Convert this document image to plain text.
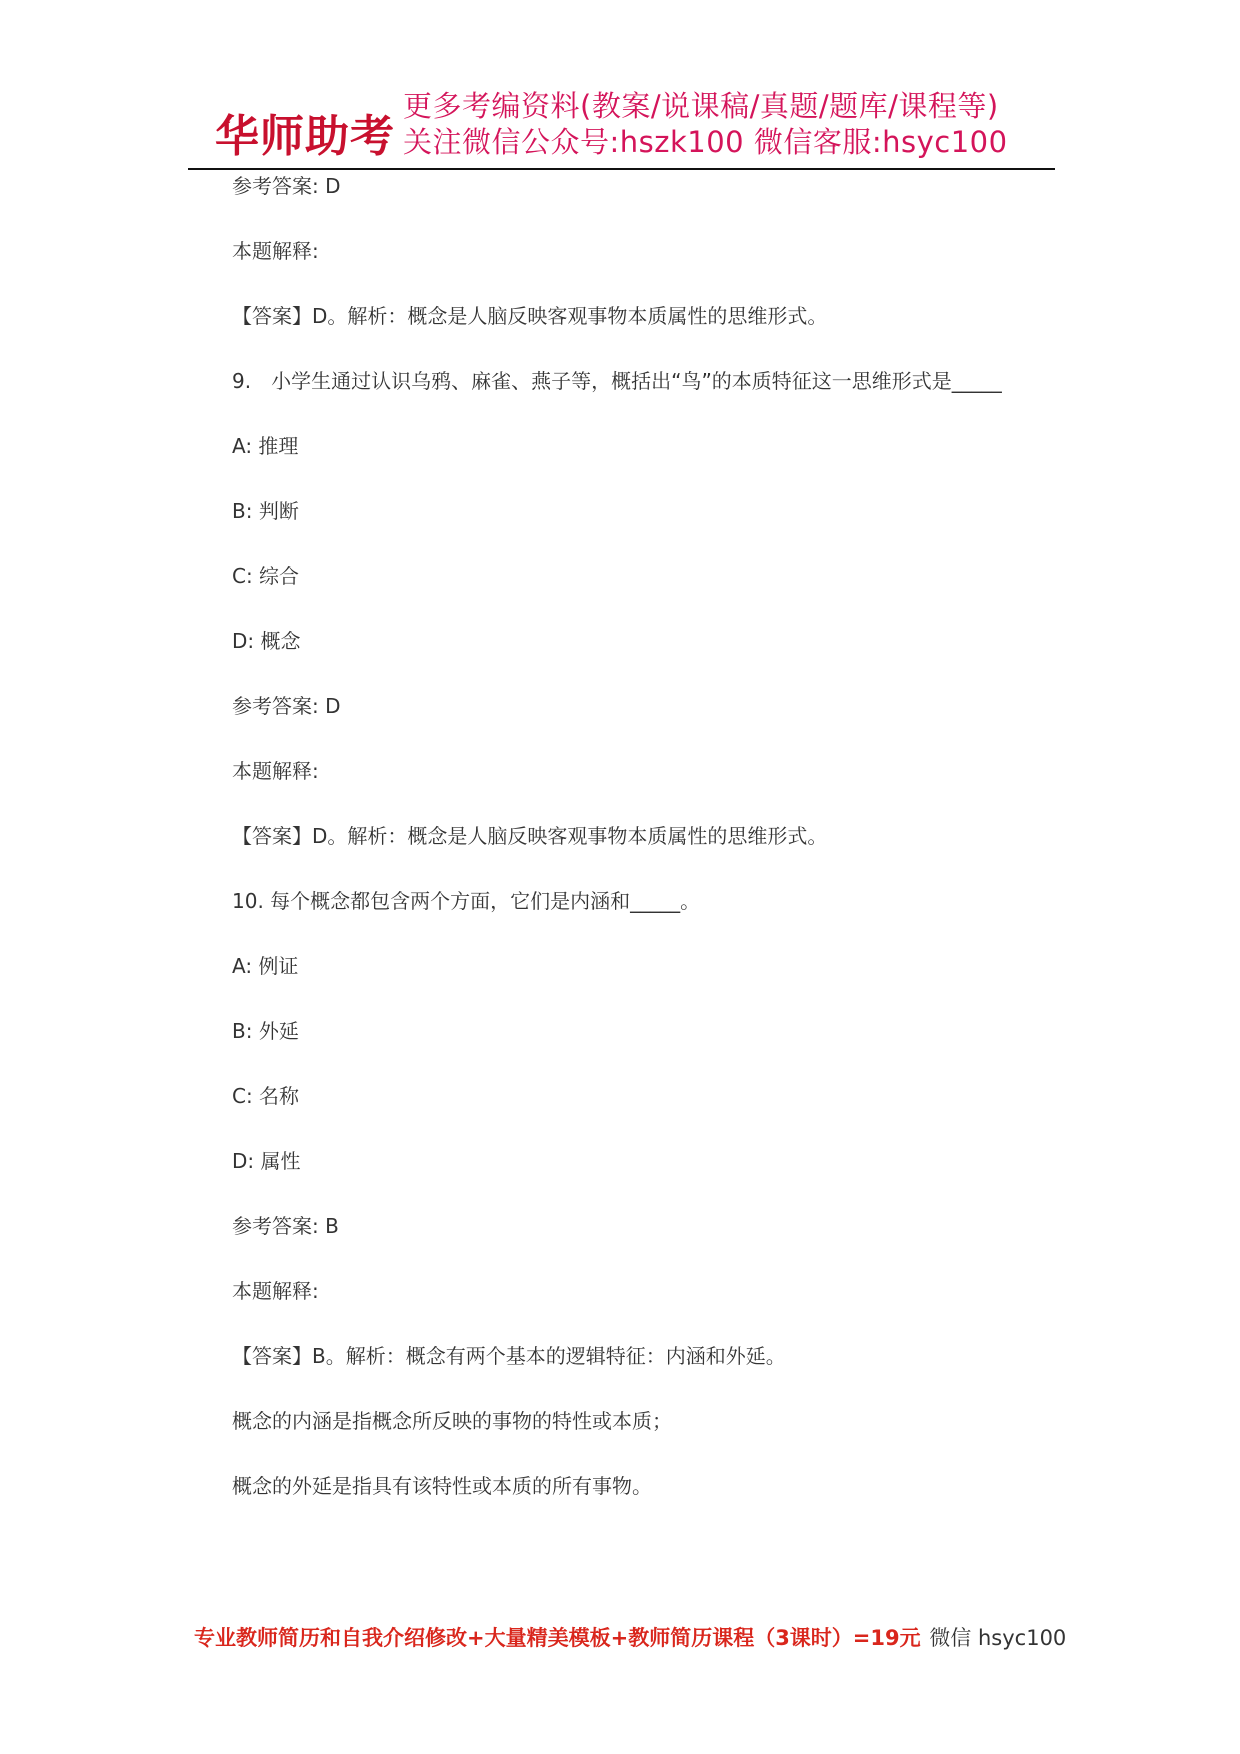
华师助考
更多考编资料(教案/说课稿/真题/题库/课程等)
关注微信公众号:hszk100 微信客服:hsyc100
参考答案: D
本题解释:
【答案】D。解析：概念是人脑反映客观事物本质属性的思维形式。
9.　小学生通过认识乌鸦、麻雀、燕子等，概括出“鸟”的本质特征这一思维形式是_____
A: 推理
B: 判断
C: 综合
D: 概念
参考答案: D
本题解释:
【答案】D。解析：概念是人脑反映客观事物本质属性的思维形式。
10. 每个概念都包含两个方面，它们是内涵和_____。
A: 例证
B: 外延
C: 名称
D: 属性
参考答案: B
本题解释:
【答案】B。解析：概念有两个基本的逻辑特征：内涵和外延。
概念的内涵是指概念所反映的事物的特性或本质；
概念的外延是指具有该特性或本质的所有事物。
专业教师简历和自我介绍修改+大量精美模板+教师简历课程（3课时）=19元 微信 hsyc100
